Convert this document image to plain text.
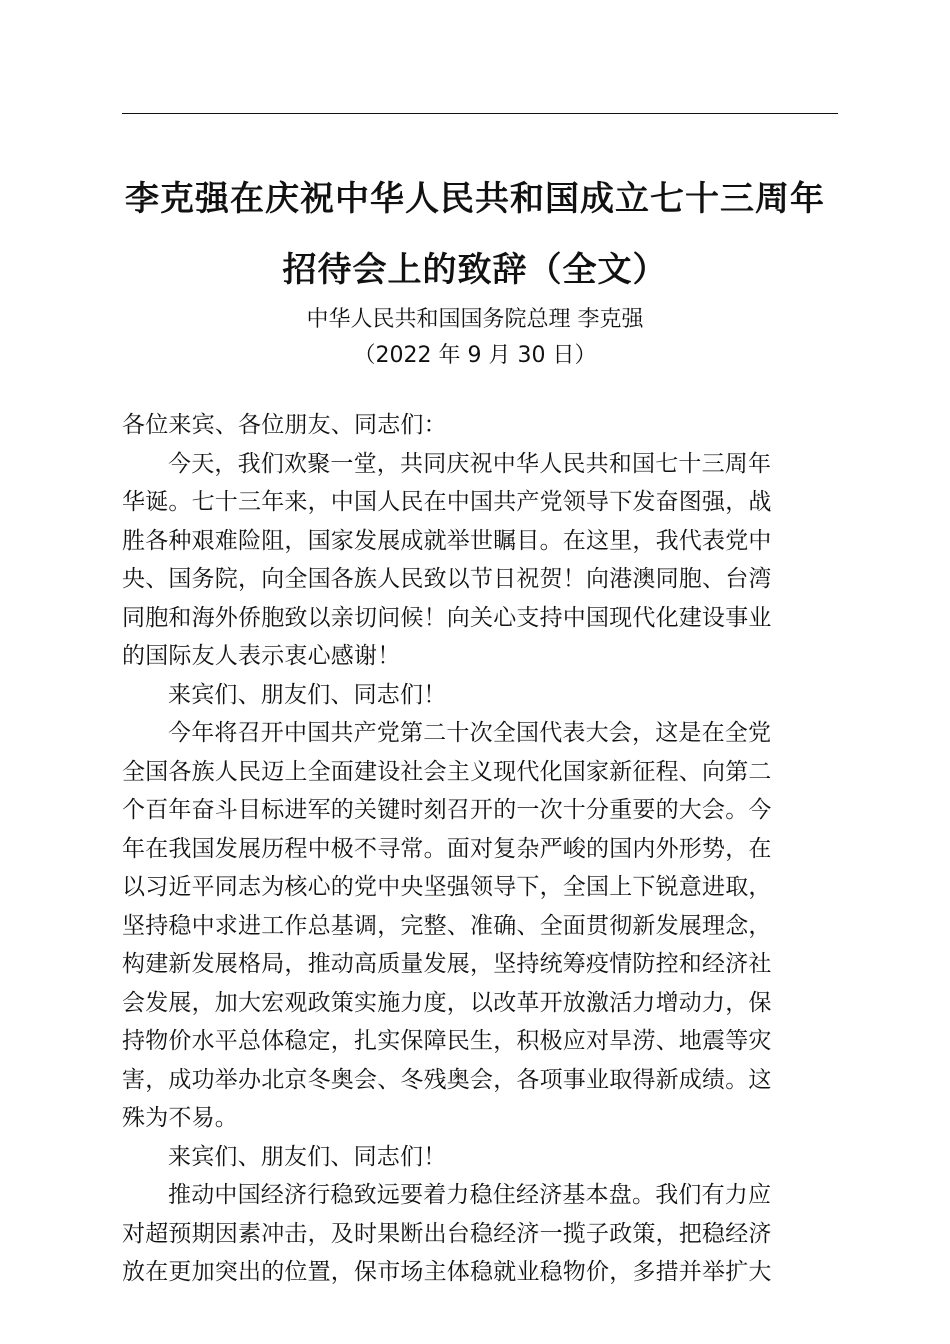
李克强在庆祝中华人民共和国成立七十三周年
招待会上的致辞（全文）
中华人民共和国国务院总理 李克强
（2022 年 9 月 30 日）
各位来宾、各位朋友、同志们：
今天，我们欢聚一堂，共同庆祝中华人民共和国七十三周年
华诞。七十三年来，中国人民在中国共产党领导下发奋图强，战
胜各种艰难险阻，国家发展成就举世瞩目。在这里，我代表党中
央、国务院，向全国各族人民致以节日祝贺！向港澳同胞、台湾
同胞和海外侨胞致以亲切问候！向关心支持中国现代化建设事业
的国际友人表示衷心感谢！
来宾们、朋友们、同志们！
今年将召开中国共产党第二十次全国代表大会，这是在全党
全国各族人民迈上全面建设社会主义现代化国家新征程、向第二
个百年奋斗目标进军的关键时刻召开的一次十分重要的大会。今
年在我国发展历程中极不寻常。面对复杂严峻的国内外形势，在
以习近平同志为核心的党中央坚强领导下，全国上下锐意进取，
坚持稳中求进工作总基调，完整、准确、全面贯彻新发展理念，
构建新发展格局，推动高质量发展，坚持统筹疫情防控和经济社
会发展，加大宏观政策实施力度，以改革开放激活力增动力，保
持物价水平总体稳定，扎实保障民生，积极应对旱涝、地震等灾
害，成功举办北京冬奥会、冬残奥会，各项事业取得新成绩。这
殊为不易。
来宾们、朋友们、同志们！
推动中国经济行稳致远要着力稳住经济基本盘。我们有力应
对超预期因素冲击，及时果断出台稳经济一揽子政策，把稳经济
放在更加突出的位置，保市场主体稳就业稳物价，多措并举扩大
